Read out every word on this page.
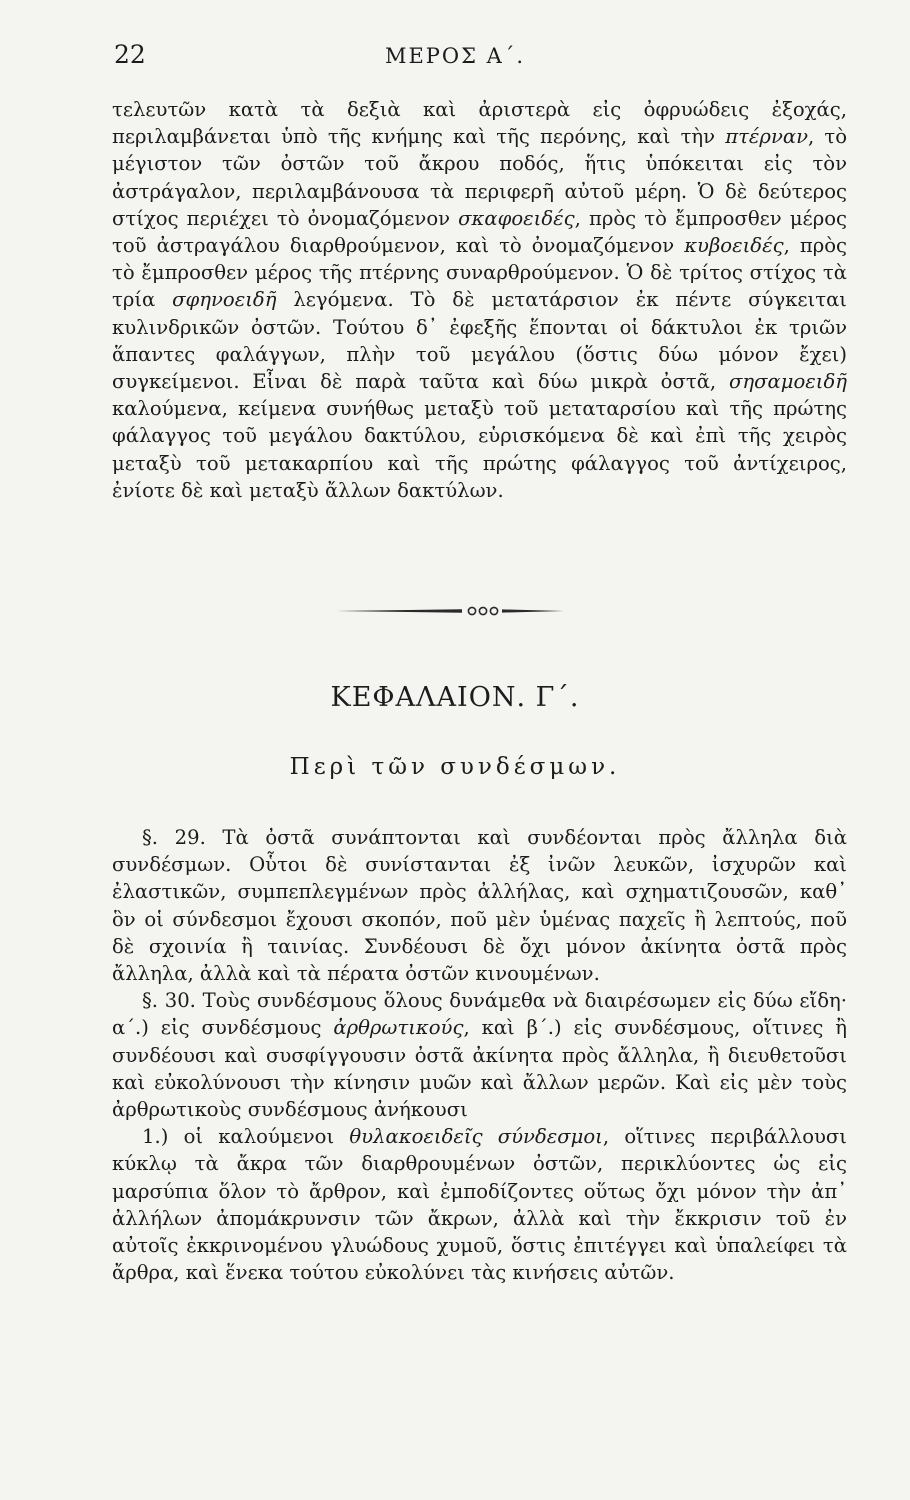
22	ΜΕΡΟΣ Α΄.

τελευτῶν κατὰ τὰ δεξιὰ καὶ ἀριστερὰ εἰς ὀφρυώδεις ἐξοχάς, περιλαμβάνεται ὑπὸ τῆς κνήμης καὶ τῆς περόνης, καὶ τὴν πτέρναν, τὸ μέγιστον τῶν ὀστῶν τοῦ ἄκρου ποδός, ἥτις ὑπόκειται εἰς τὸν ἀστράγαλον, περιλαμβάνουσα τὰ περιφερῆ αὐτοῦ μέρη. Ὁ δὲ δεύτερος στίχος περιέχει τὸ ὀνομαζόμενον σκαφοειδές, πρὸς τὸ ἔμπροσθεν μέρος τοῦ ἀστραγάλου διαρθρούμενον, καὶ τὸ ὀνομαζόμενον κυβοειδές, πρὸς τὸ ἔμπροσθεν μέρος τῆς πτέρνης συναρθρούμενον. Ὁ δὲ τρίτος στίχος τὰ τρία σφηνοειδῆ λεγόμενα. Τὸ δὲ μετατάρσιον ἐκ πέντε σύγκειται κυλινδρικῶν ὀστῶν. Τούτου δ᾽ ἐφεξῆς ἕπονται οἱ δάκτυλοι ἐκ τριῶν ἅπαντες φαλάγγων, πλὴν τοῦ μεγάλου (ὅστις δύω μόνον ἔχει) συγκείμενοι. Εἶναι δὲ παρὰ ταῦτα καὶ δύω μικρὰ ὀστᾶ, σησαμοειδῆ καλούμενα, κείμενα συνήθως μεταξὺ τοῦ μεταταρσίου καὶ τῆς πρώτης φάλαγγος τοῦ μεγάλου δακτύλου, εὑρισκόμενα δὲ καὶ ἐπὶ τῆς χειρὸς μεταξὺ τοῦ μετακαρπίου καὶ τῆς πρώτης φάλαγγος τοῦ ἀντίχειρος, ἐνίοτε δὲ καὶ μεταξὺ ἄλλων δακτύλων.

ΚΕΦΑΛΑΙΟΝ. Γ΄.
Περὶ τῶν συνδέσμων.

§. 29. Τὰ ὀστᾶ συνάπτονται καὶ συνδέονται πρὸς ἄλληλα διὰ συνδέσμων. Οὗτοι δὲ συνίστανται ἐξ ἰνῶν λευκῶν, ἰσχυρῶν καὶ ἐλαστικῶν, συμπεπλεγμένων πρὸς ἀλλήλας, καὶ σχηματιζουσῶν, καθ᾽ ὃν οἱ σύνδεσμοι ἔχουσι σκοπόν, ποῦ μὲν ὑμένας παχεῖς ἢ λεπτούς, ποῦ δὲ σχοινία ἢ ταινίας. Συνδέουσι δὲ ὄχι μόνον ἀκίνητα ὀστᾶ πρὸς ἄλληλα, ἀλλὰ καὶ τὰ πέρατα ὀστῶν κινουμένων.

§. 30. Τοὺς συνδέσμους ὅλους δυνάμεθα νὰ διαιρέσωμεν εἰς δύω εἴδη· α΄.) εἰς συνδέσμους ἀρθρωτικούς, καὶ β΄.) εἰς συνδέσμους, οἵτινες ἢ συνδέουσι καὶ συσφίγγουσιν ὀστᾶ ἀκίνητα πρὸς ἄλληλα, ἢ διευθετοῦσι καὶ εὐκολύνουσι τὴν κίνησιν μυῶν καὶ ἄλλων μερῶν. Καὶ εἰς μὲν τοὺς ἀρθρωτικοὺς συνδέσμους ἀνήκουσι

1.) οἱ καλούμενοι θυλακοειδεῖς σύνδεσμοι, οἵτινες περιβάλλουσι κύκλῳ τὰ ἄκρα τῶν διαρθρουμένων ὀστῶν, περικλύοντες ὡς εἰς μαρσύπια ὅλον τὸ ἄρθρον, καὶ ἐμποδίζοντες οὕτως ὄχι μόνον τὴν ἀπ᾽ ἀλλήλων ἀπομάκρυνσιν τῶν ἄκρων, ἀλλὰ καὶ τὴν ἔκκρισιν τοῦ ἐν αὐτοῖς ἐκκρινομένου γλυώδους χυμοῦ, ὅστις ἐπιτέγγει καὶ ὑπαλείφει τὰ ἄρθρα, καὶ ἕνεκα τούτου εὐκολύνει τὰς κινήσεις αὐτῶν.
